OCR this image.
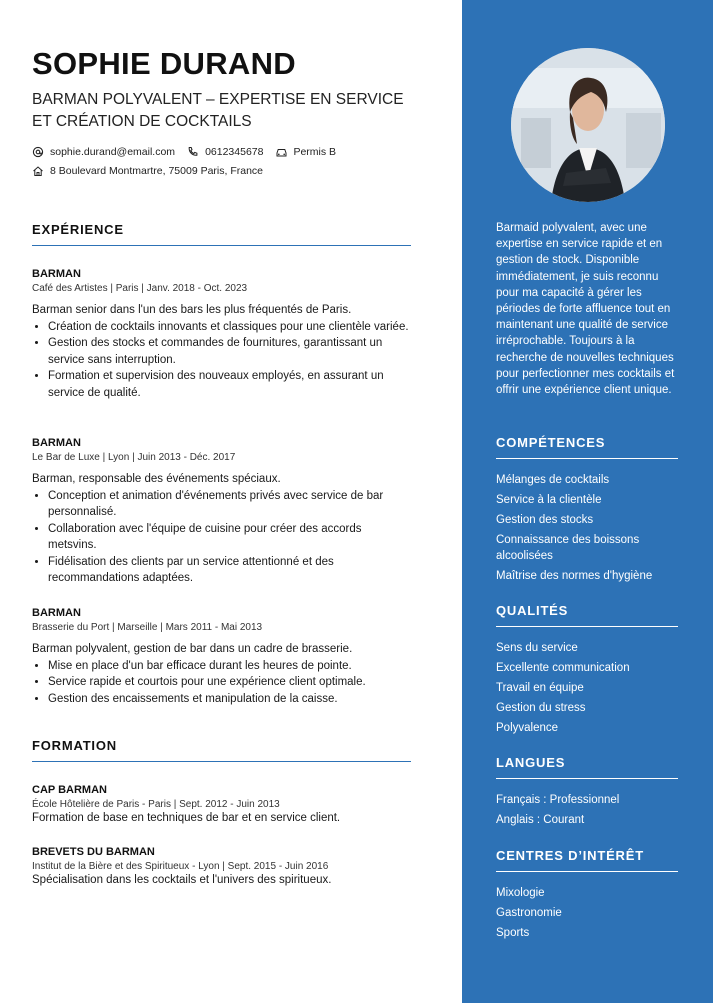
SOPHIE DURAND
BARMAN POLYVALENT – EXPERTISE EN SERVICE ET CRÉATION DE COCKTAILS
sophie.durand@email.com	0612345678	Permis B
8 Boulevard Montmartre, 75009 Paris, France
EXPÉRIENCE
BARMAN
Café des Artistes | Paris | Janv. 2018 - Oct. 2023
Barman senior dans l'un des bars les plus fréquentés de Paris.
• Création de cocktails innovants et classiques pour une clientèle variée.
• Gestion des stocks et commandes de fournitures, garantissant un service sans interruption.
• Formation et supervision des nouveaux employés, en assurant un service de qualité.
BARMAN
Le Bar de Luxe | Lyon | Juin 2013 - Déc. 2017
Barman, responsable des événements spéciaux.
• Conception et animation d'événements privés avec service de bar personnalisé.
• Collaboration avec l'équipe de cuisine pour créer des accords metsvins.
• Fidélisation des clients par un service attentionné et des recommandations adaptées.
BARMAN
Brasserie du Port | Marseille | Mars 2011 - Mai 2013
Barman polyvalent, gestion de bar dans un cadre de brasserie.
• Mise en place d'un bar efficace durant les heures de pointe.
• Service rapide et courtois pour une expérience client optimale.
• Gestion des encaissements et manipulation de la caisse.
FORMATION
CAP BARMAN
École Hôtelière de Paris - Paris | Sept. 2012 - Juin 2013
Formation de base en techniques de bar et en service client.
BREVETS DU BARMAN
Institut de la Bière et des Spiritueux - Lyon | Sept. 2015 - Juin 2016
Spécialisation dans les cocktails et l'univers des spiritueux.
Barmaid polyvalent, avec une expertise en service rapide et en gestion de stock. Disponible immédiatement, je suis reconnu pour ma capacité à gérer les périodes de forte affluence tout en maintenant une qualité de service irréprochable. Toujours à la recherche de nouvelles techniques pour perfectionner mes cocktails et offrir une expérience client unique.
COMPÉTENCES
Mélanges de cocktails
Service à la clientèle
Gestion des stocks
Connaissance des boissons alcoolisées
Maîtrise des normes d'hygiène
QUALITÉS
Sens du service
Excellente communication
Travail en équipe
Gestion du stress
Polyvalence
LANGUES
Français : Professionnel
Anglais : Courant
CENTRES D’INTÉRÊT
Mixologie
Gastronomie
Sports
